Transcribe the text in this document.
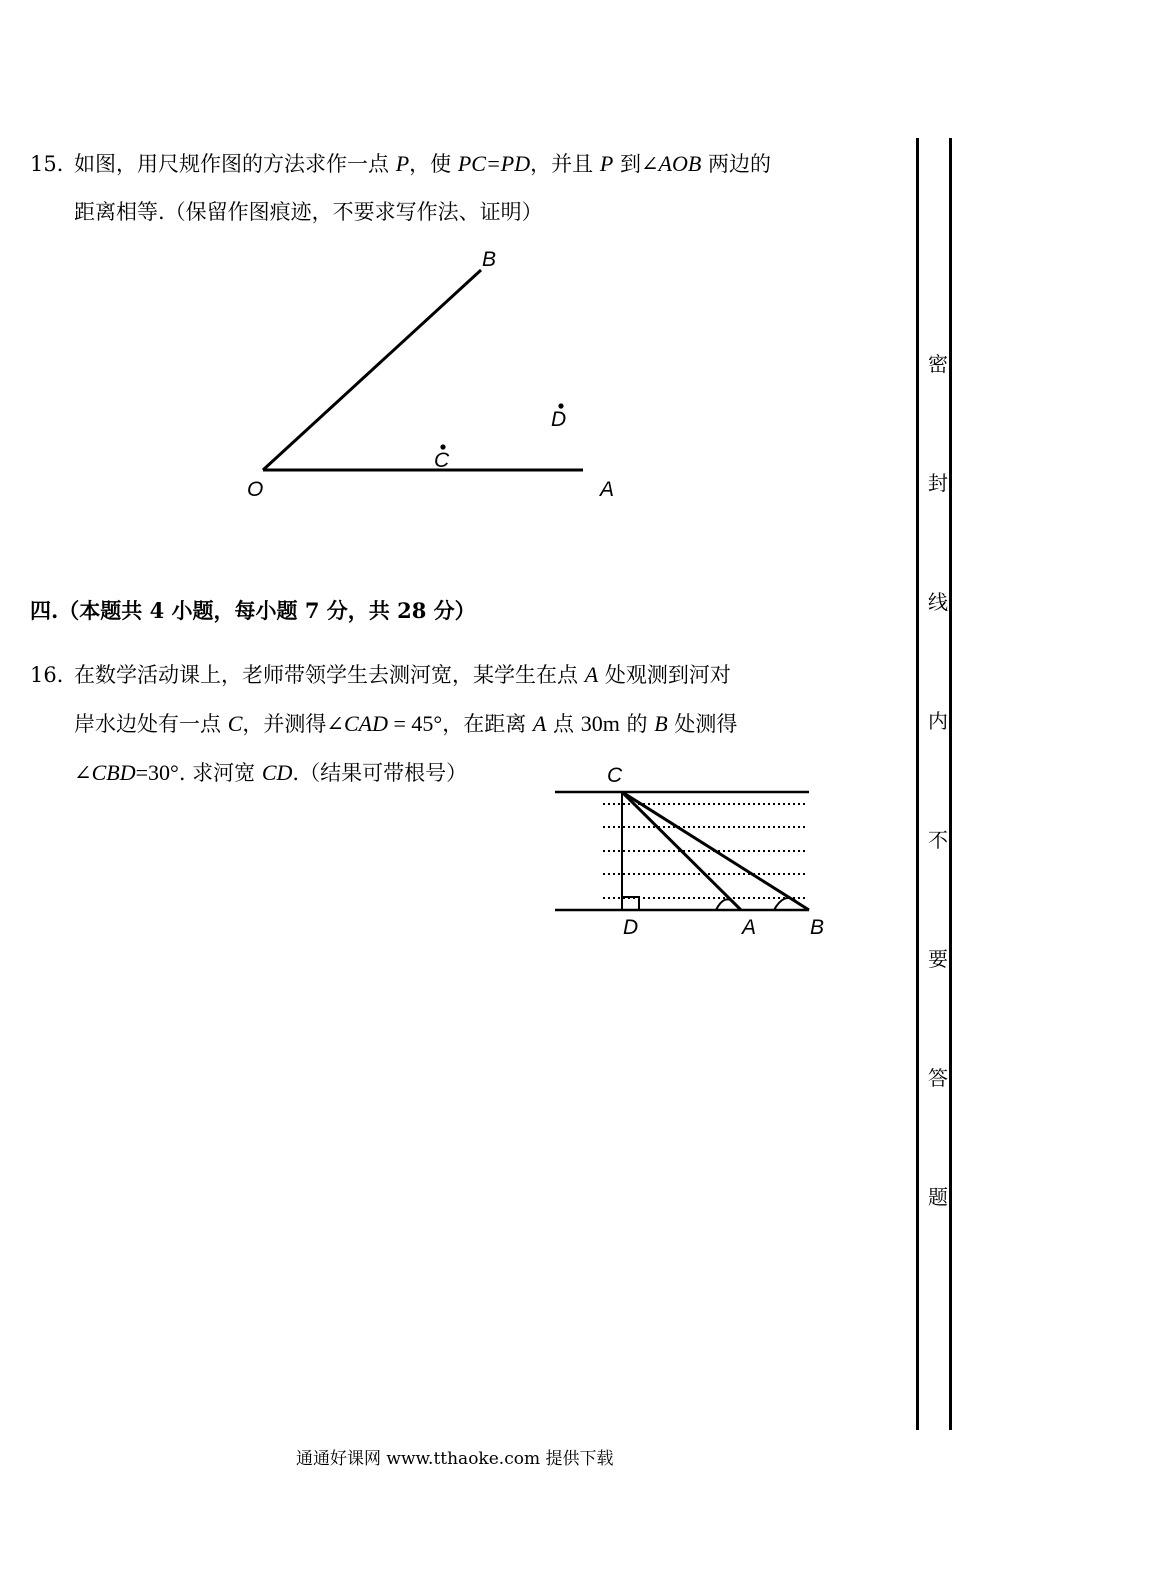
15．如图，用尺规作图的方法求作一点 P，使 PC=PD，并且 P 到∠AOB 两边的
距离相等.（保留作图痕迹，不要求写作法、证明）
B
D
C
O	A
四.（本题共 4 小题，每小题 7 分，共 28 分）
16．在数学活动课上，老师带领学生去测河宽，某学生在点 A 处观测到河对
岸水边处有一点 C，并测得∠CAD = 45°，在距离 A 点 30m 的 B 处测得
∠CBD=30°. 求河宽 CD.（结果可带根号）	C
D	A	B
密
封
线
内
不
要
答
题
通通好课网 www.tthaoke.com 提供下载
